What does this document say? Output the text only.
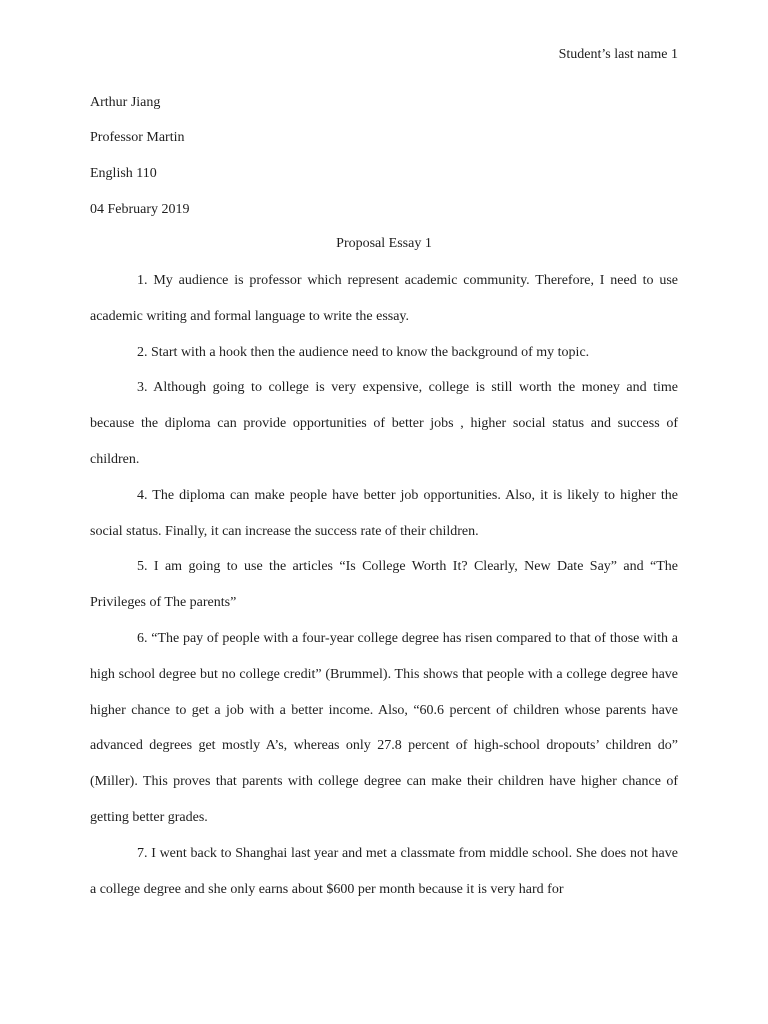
Student’s last name 1
Arthur Jiang
Professor Martin
English 110
04 February 2019
Proposal Essay 1

1. My audience is professor which represent academic community. Therefore, I need to use academic writing and formal language to write the essay.

2. Start with a hook then the audience need to know the background of my topic.

3. Although going to college is very expensive, college is still worth the money and time because the diploma can provide opportunities of better jobs , higher social status and success of children.

4. The diploma can make people have better job opportunities. Also, it is likely to higher the social status. Finally, it can increase the success rate of their children.

5. I am going to use the articles “Is College Worth It? Clearly, New Date Say” and “The Privileges of The parents”

6. “The pay of people with a four-year college degree has risen compared to that of those with a high school degree but no college credit” (Brummel). This shows that people with a college degree have higher chance to get a job with a better income. Also, “60.6 percent of children whose parents have advanced degrees get mostly A’s, whereas only 27.8 percent of high-school dropouts’ children do” (Miller). This proves that parents with college degree can make their children have higher chance of getting better grades.

7. I went back to Shanghai last year and met a classmate from middle school. She does not have a college degree and she only earns about $600 per month because it is very hard for
